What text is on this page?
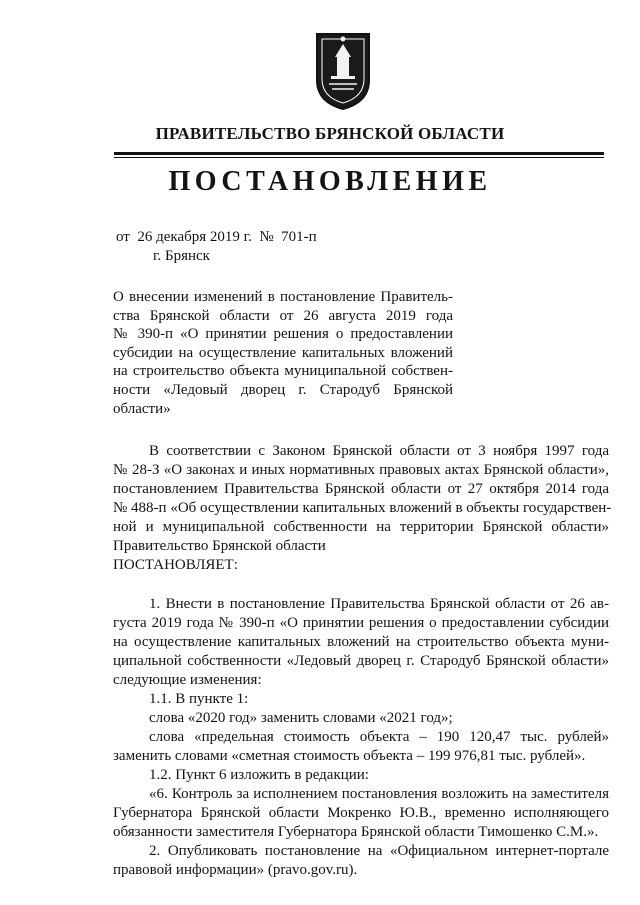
ПРАВИТЕЛЬСТВО БРЯНСКОЙ ОБЛАСТИ
ПОСТАНОВЛЕНИЕ
от  26 декабря 2019 г.  №  701-п
г. Брянск
О внесении изменений в постановление Правитель-
ства Брянской области от 26 августа 2019 года
№ 390-п «О принятии решения о предоставлении
субсидии на осуществление капитальных вложений
на строительство объекта муниципальной собствен-
ности «Ледовый дворец г. Стародуб Брянской
области»
В соответствии с Законом Брянской области от 3 ноября 1997 года
№ 28-З «О законах и иных нормативных правовых актах Брянской области»,
постановлением Правительства Брянской области от 27 октября 2014 года
№ 488-п «Об осуществлении капитальных вложений в объекты государствен-
ной и муниципальной собственности на территории Брянской области»
Правительство Брянской области
ПОСТАНОВЛЯЕТ:
1. Внести в постановление Правительства Брянской области от 26 ав-
густа 2019 года № 390-п «О принятии решения о предоставлении субсидии
на осуществление капитальных вложений на строительство объекта муни-
ципальной собственности «Ледовый дворец г. Стародуб Брянской области»
следующие изменения:
1.1. В пункте 1:
слова «2020 год» заменить словами «2021 год»;
слова «предельная стоимость объекта – 190 120,47 тыс. рублей»
заменить словами «сметная стоимость объекта – 199 976,81 тыс. рублей».
1.2. Пункт 6 изложить в редакции:
«6. Контроль за исполнением постановления возложить на заместителя
Губернатора Брянской области Мокренко Ю.В., временно исполняющего
обязанности заместителя Губернатора Брянской области Тимошенко С.М.».
2. Опубликовать постановление на «Официальном интернет-портале
правовой информации» (pravo.gov.ru).
